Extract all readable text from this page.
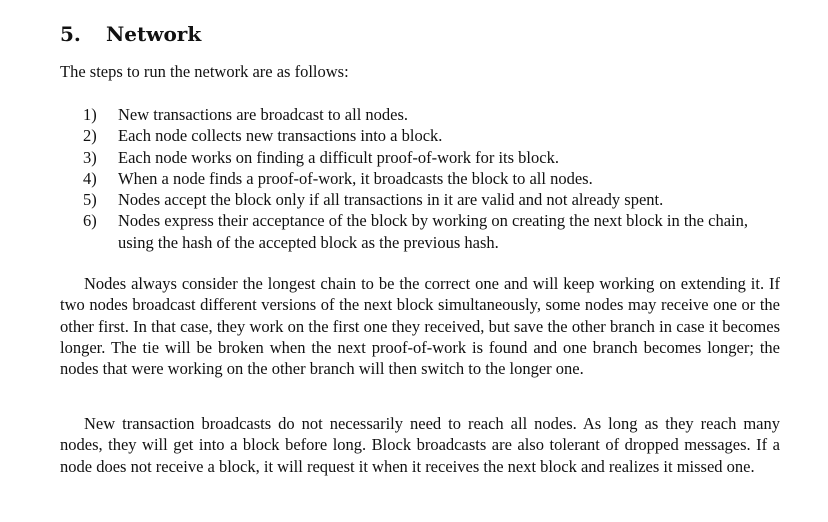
5. Network

The steps to run the network are as follows:

1)	New transactions are broadcast to all nodes.
2)	Each node collects new transactions into a block.
3)	Each node works on finding a difficult proof-of-work for its block.
4)	When a node finds a proof-of-work, it broadcasts the block to all nodes.
5)	Nodes accept the block only if all transactions in it are valid and not already spent.
6)	Nodes express their acceptance of the block by working on creating the next block in the chain, using the hash of the accepted block as the previous hash.

Nodes always consider the longest chain to be the correct one and will keep working on extending it. If two nodes broadcast different versions of the next block simultaneously, some nodes may receive one or the other first. In that case, they work on the first one they received, but save the other branch in case it becomes longer. The tie will be broken when the next proof-of-work is found and one branch becomes longer; the nodes that were working on the other branch will then switch to the longer one.

New transaction broadcasts do not necessarily need to reach all nodes. As long as they reach many nodes, they will get into a block before long. Block broadcasts are also tolerant of dropped messages. If a node does not receive a block, it will request it when it receives the next block and realizes it missed one.
